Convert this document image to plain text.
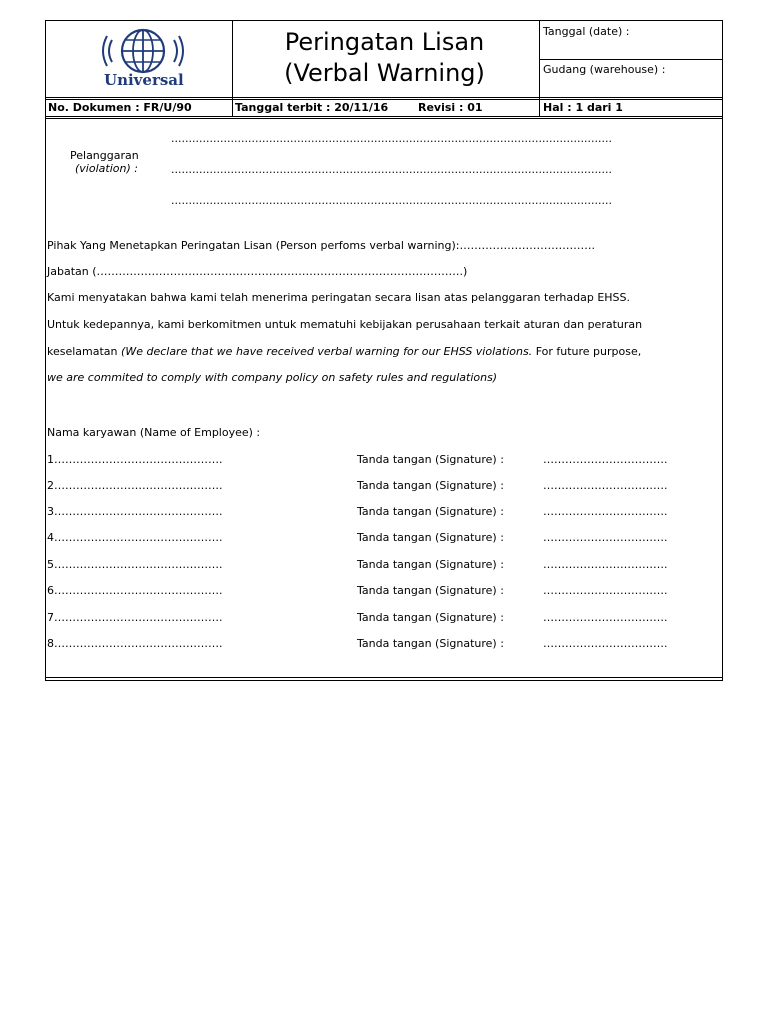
Universal
Peringatan Lisan
(Verbal Warning)
Tanggal (date) :
Gudang (warehouse) :
No. Dokumen : FR/U/90	Tanggal terbit : 20/11/16	Revisi : 01	Hal : 1 dari 1
Pelanggaran
(violation) :
………………………………………………………………………………………………………………
………………………………………………………………………………………………………………
………………………………………………………………………………………………………………
Pihak Yang Menetapkan Peringatan Lisan (Person perfoms verbal warning):……………………………….
Jabatan (……………………………………………………………………………………….)
Kami menyatakan bahwa kami telah menerima peringatan secara lisan atas pelanggaran terhadap EHSS.
Untuk kedepannya, kami berkomitmen untuk mematuhi kebijakan perusahaan terkait aturan dan peraturan
keselamatan (We declare that we have received verbal warning for our EHSS violations. For future purpose,
we are commited to comply with company policy on safety rules and regulations)
Nama karyawan (Name of Employee) :
1……………………………………….	Tanda tangan (Signature) :	…………………………….
2……………………………………….	Tanda tangan (Signature) :	…………………………….
3……………………………………….	Tanda tangan (Signature) :	…………………………….
4……………………………………….	Tanda tangan (Signature) :	…………………………….
5……………………………………….	Tanda tangan (Signature) :	…………………………….
6……………………………………….	Tanda tangan (Signature) :	…………………………….
7……………………………………….	Tanda tangan (Signature) :	…………………………….
8……………………………………….	Tanda tangan (Signature) :	…………………………….
